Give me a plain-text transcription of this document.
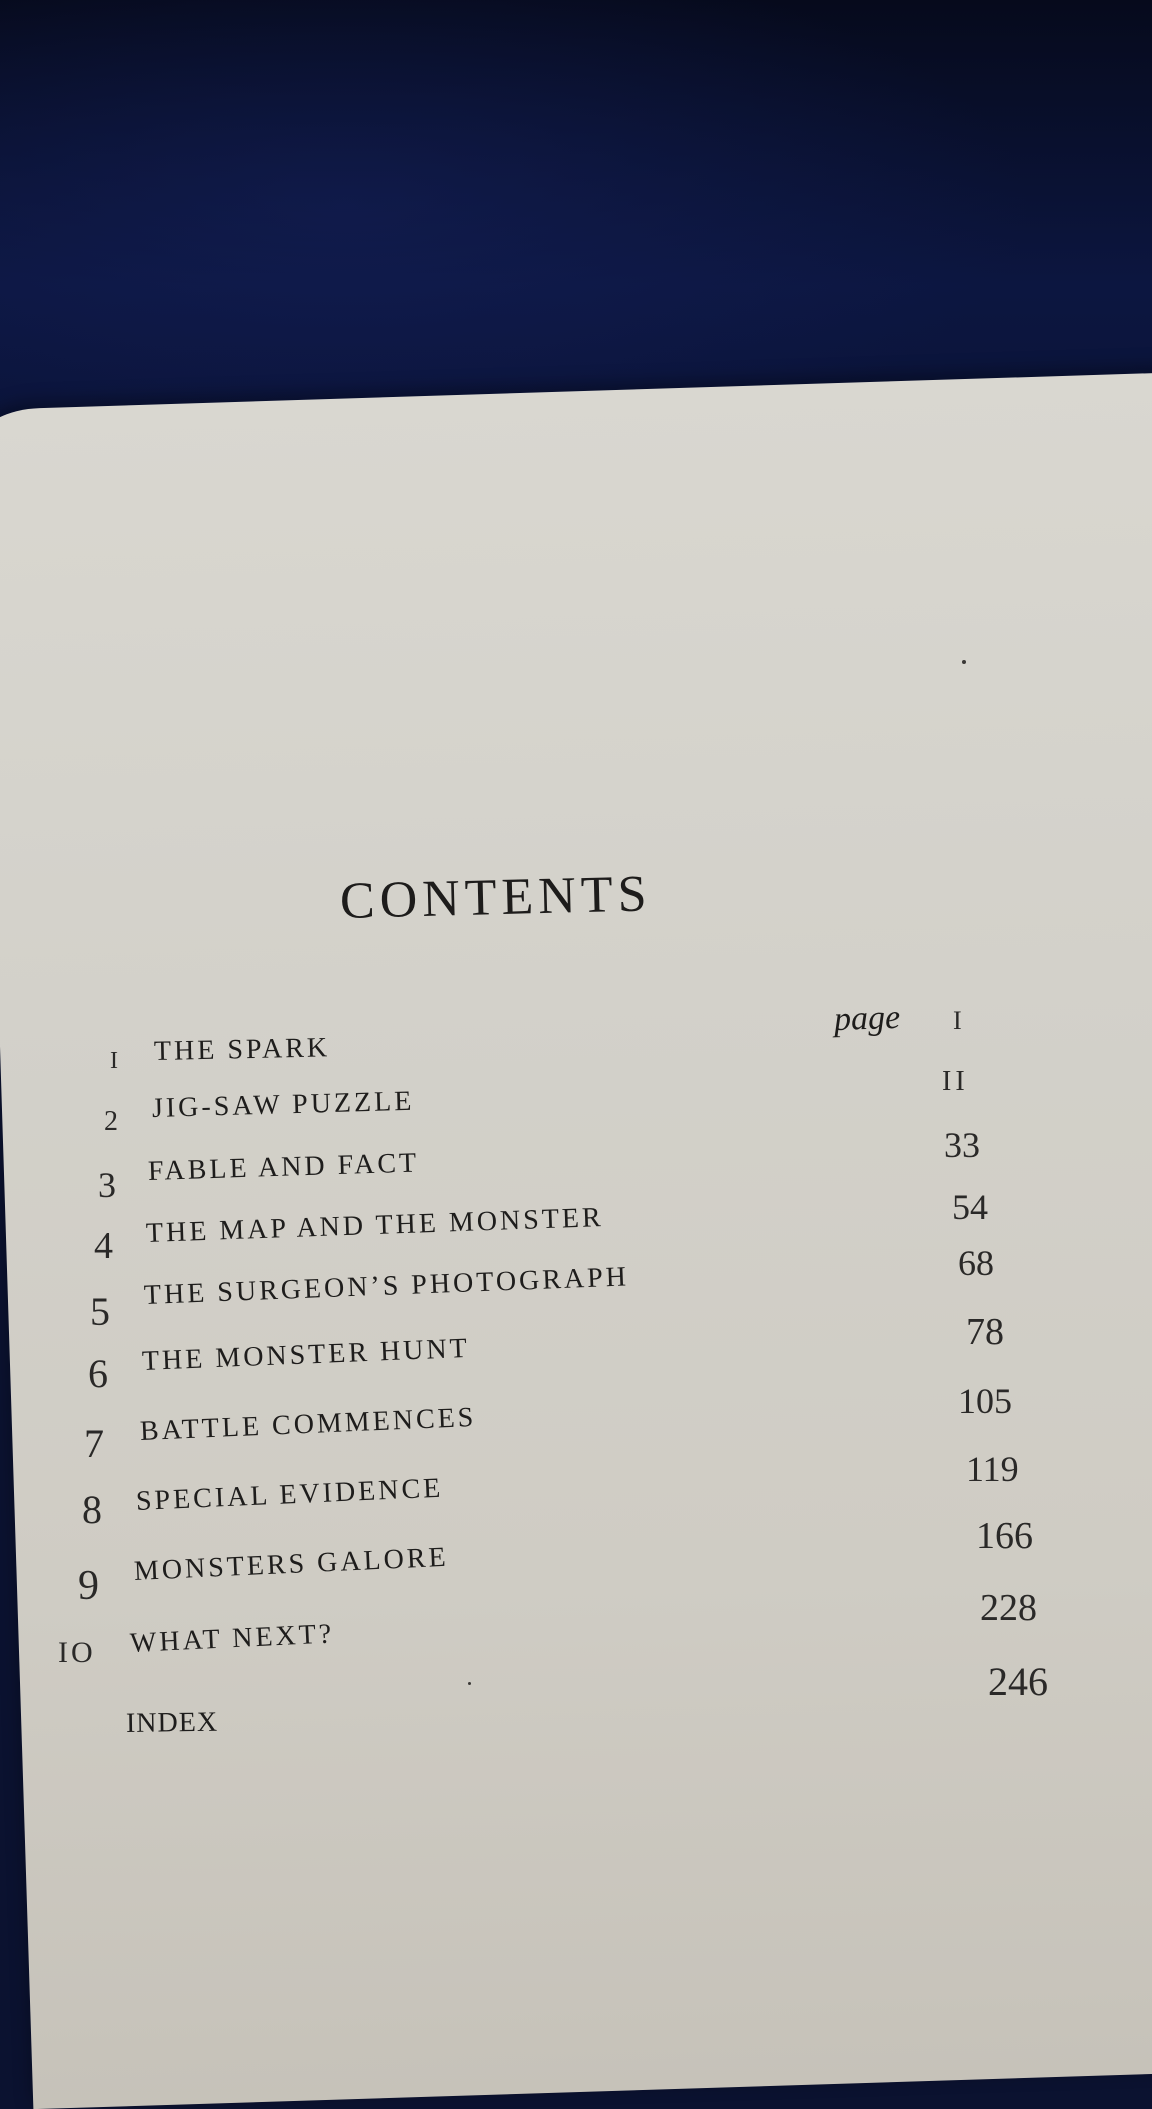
CONTENTS
page
I THE SPARK
I
2 JIG-SAW PUZZLE
II
3 FABLE AND FACT
33
4 THE MAP AND THE MONSTER	54
5
THE SURGEON’S PHOTOGRAPH	68
6 THE MONSTER HUNT
78
7 BATTLE COMMENCES
105
8 SPECIAL EVIDENCE
119
9 MONSTERS GALORE
166
IO WHAT NEXT?
228
INDEX
246
